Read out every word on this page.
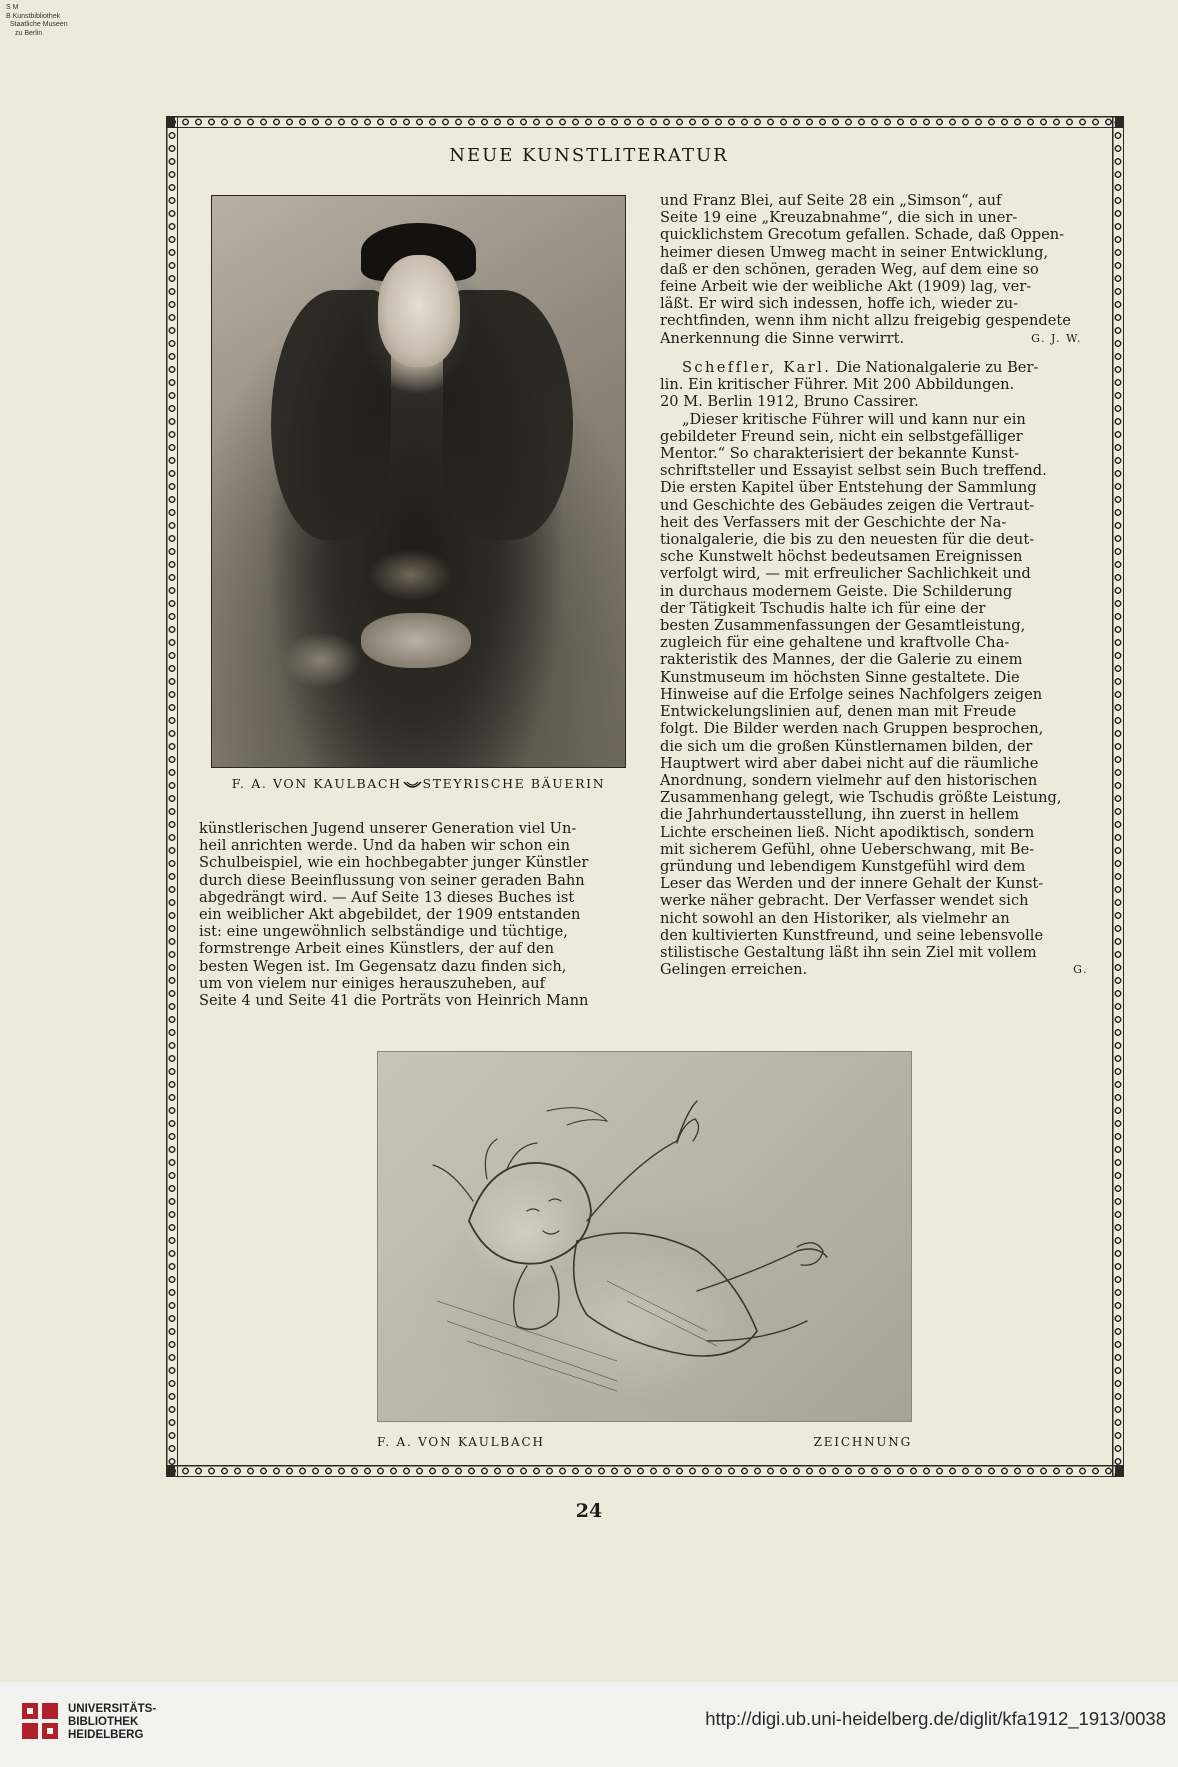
S M
B Kunstbibliothek
Staatliche Museen
zu Berlin
NEUE KUNSTLITERATUR
F. A. VON KAULBACH STEYRISCHE BÄUERIN

künstlerischen Jugend unserer Generation viel Un-

heil anrichten werde. Und da haben wir schon ein

Schulbeispiel, wie ein hochbegabter junger Künstler

durch diese Beeinflussung von seiner geraden Bahn

abgedrängt wird. — Auf Seite 13 dieses Buches ist

ein weiblicher Akt abgebildet, der 1909 entstanden

ist: eine ungewöhnlich selbständige und tüchtige,

formstrenge Arbeit eines Künstlers, der auf den

besten Wegen ist. Im Gegensatz dazu finden sich,

um von vielem nur einiges herauszuheben, auf

Seite 4 und Seite 41 die Porträts von Heinrich Mann

und Franz Blei, auf Seite 28 ein „Simson“, auf

Seite 19 eine „Kreuzabnahme“, die sich in uner-

quicklichstem Grecotum gefallen. Schade, daß Oppen-

heimer diesen Umweg macht in seiner Entwicklung,

daß er den schönen, geraden Weg, auf dem eine so

feine Arbeit wie der weibliche Akt (1909) lag, ver-

läßt. Er wird sich indessen, hoffe ich, wieder zu-

rechtfinden, wenn ihm nicht allzu freigebig gespendete

Anerkennung die Sinne verwirrt.	G. J. W.

Scheffler, Karl. Die Nationalgalerie zu Ber-

lin. Ein kritischer Führer. Mit 200 Abbildungen.

20 M. Berlin 1912, Bruno Cassirer.

„Dieser kritische Führer will und kann nur ein

gebildeter Freund sein, nicht ein selbstgefälliger

Mentor.“ So charakterisiert der bekannte Kunst-

schriftsteller und Essayist selbst sein Buch treffend.

Die ersten Kapitel über Entstehung der Sammlung

und Geschichte des Gebäudes zeigen die Vertraut-

heit des Verfassers mit der Geschichte der Na-

tionalgalerie, die bis zu den neuesten für die deut-

sche Kunstwelt höchst bedeutsamen Ereignissen

verfolgt wird, — mit erfreulicher Sachlichkeit und

in durchaus modernem Geiste. Die Schilderung

der Tätigkeit Tschudis halte ich für eine der

besten Zusammenfassungen der Gesamtleistung,

zugleich für eine gehaltene und kraftvolle Cha-

rakteristik des Mannes, der die Galerie zu einem

Kunstmuseum im höchsten Sinne gestaltete. Die

Hinweise auf die Erfolge seines Nachfolgers zeigen

Entwickelungslinien auf, denen man mit Freude

folgt. Die Bilder werden nach Gruppen besprochen,

die sich um die großen Künstlernamen bilden, der

Hauptwert wird aber dabei nicht auf die räumliche

Anordnung, sondern vielmehr auf den historischen

Zusammenhang gelegt, wie Tschudis größte Leistung,

die Jahrhundertausstellung, ihn zuerst in hellem

Lichte erscheinen ließ. Nicht apodiktisch, sondern

mit sicherem Gefühl, ohne Ueberschwang, mit Be-

gründung und lebendigem Kunstgefühl wird dem

Leser das Werden und der innere Gehalt der Kunst-

werke näher gebracht. Der Verfasser wendet sich

nicht sowohl an den Historiker, als vielmehr an

den kultivierten Kunstfreund, und seine lebensvolle

stilistische Gestaltung läßt ihn sein Ziel mit vollem

Gelingen erreichen.	G.
F. A. VON KAULBACH	ZEICHNUNG
24
UNIVERSITÄTS-
BIBLIOTHEK
HEIDELBERG
http://digi.ub.uni-heidelberg.de/diglit/kfa1912_1913/0038
